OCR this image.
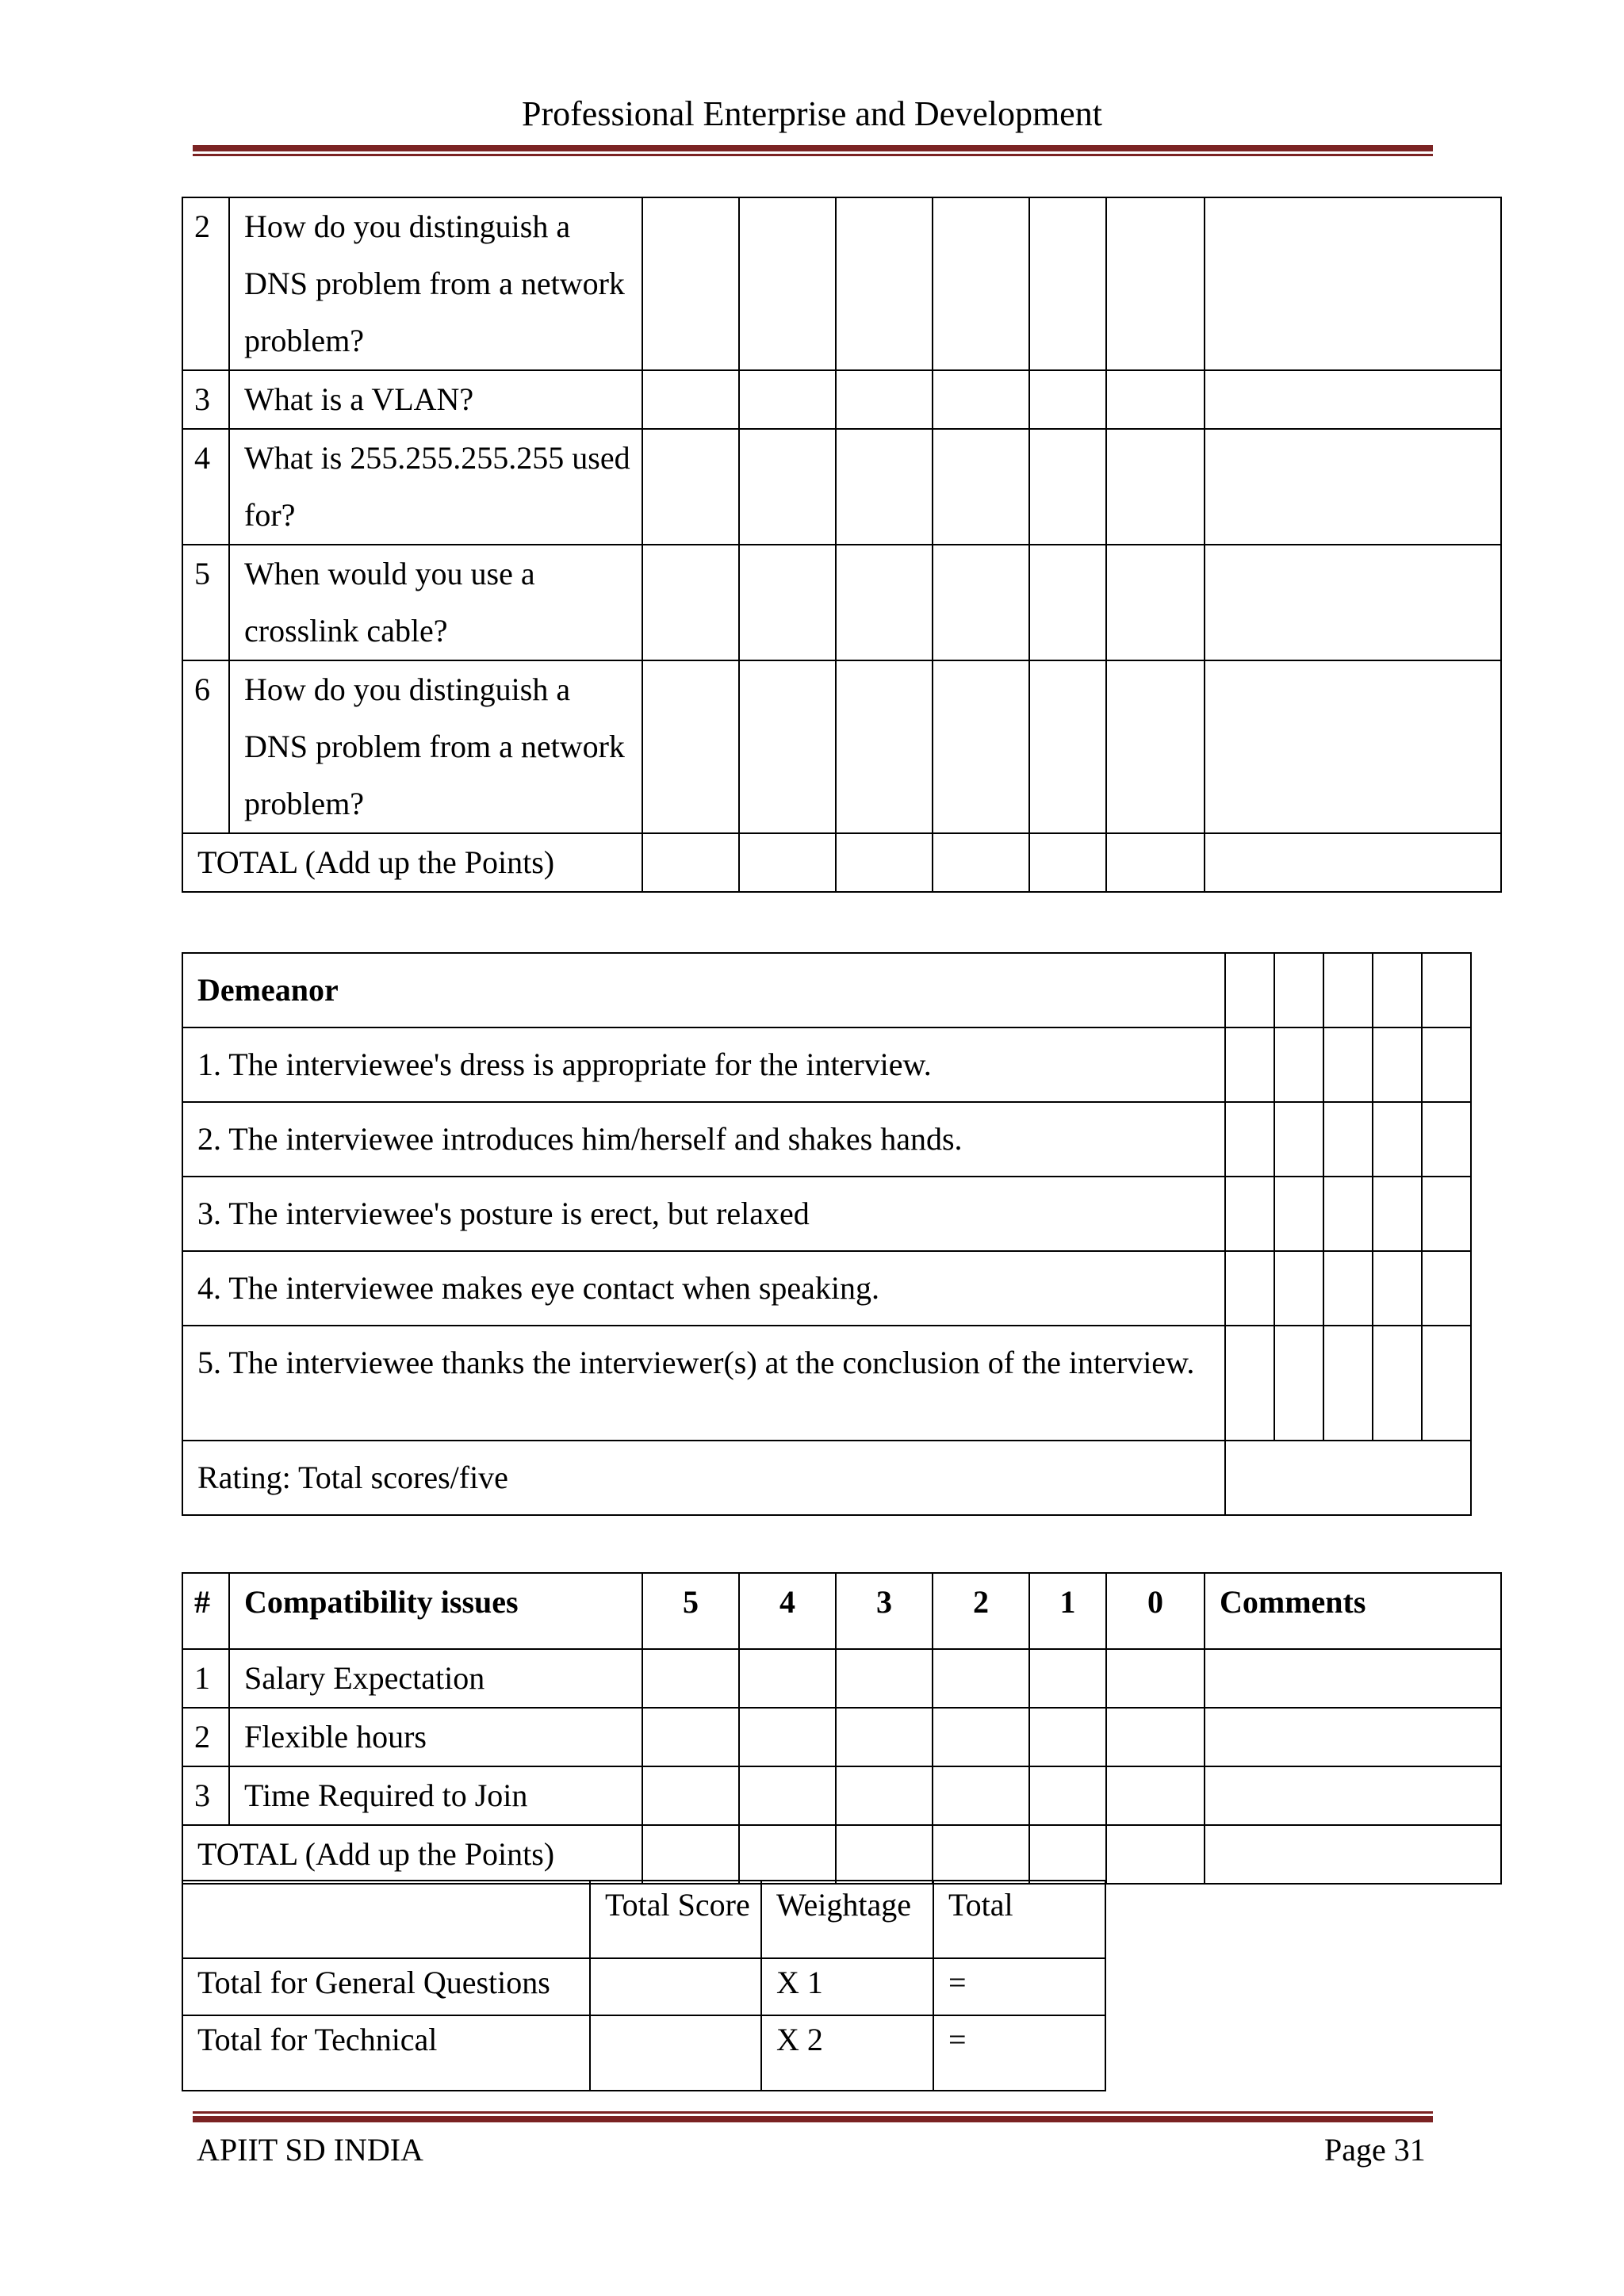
Professional Enterprise and Development
2	How do you distinguish a DNS problem from a network problem?							
3	What is a VLAN?							
4	What is 255.255.255.255 used for?							
5	When would you use a crosslink cable?							
6	How do you distinguish a DNS problem from a network problem?							
TOTAL (Add up the Points)								
Demeanor					
1. The interviewee's dress is appropriate for the interview.					
2. The interviewee introduces him/herself and shakes hands.					
3. The interviewee's posture is erect, but relaxed					
4. The interviewee makes eye contact when speaking.					
5. The interviewee thanks the interviewer(s) at the conclusion of the interview.					
Rating: Total scores/five					
#	Compatibility issues	5	4	3	2	1	0	Comments
1	Salary Expectation							
2	Flexible hours							
3	Time Required to Join							
TOTAL (Add up the Points)								
	Total Score	Weightage	Total
Total for General Questions		X 1	=
Total for Technical		X 2	=
APIIT SD INDIA	Page 31
